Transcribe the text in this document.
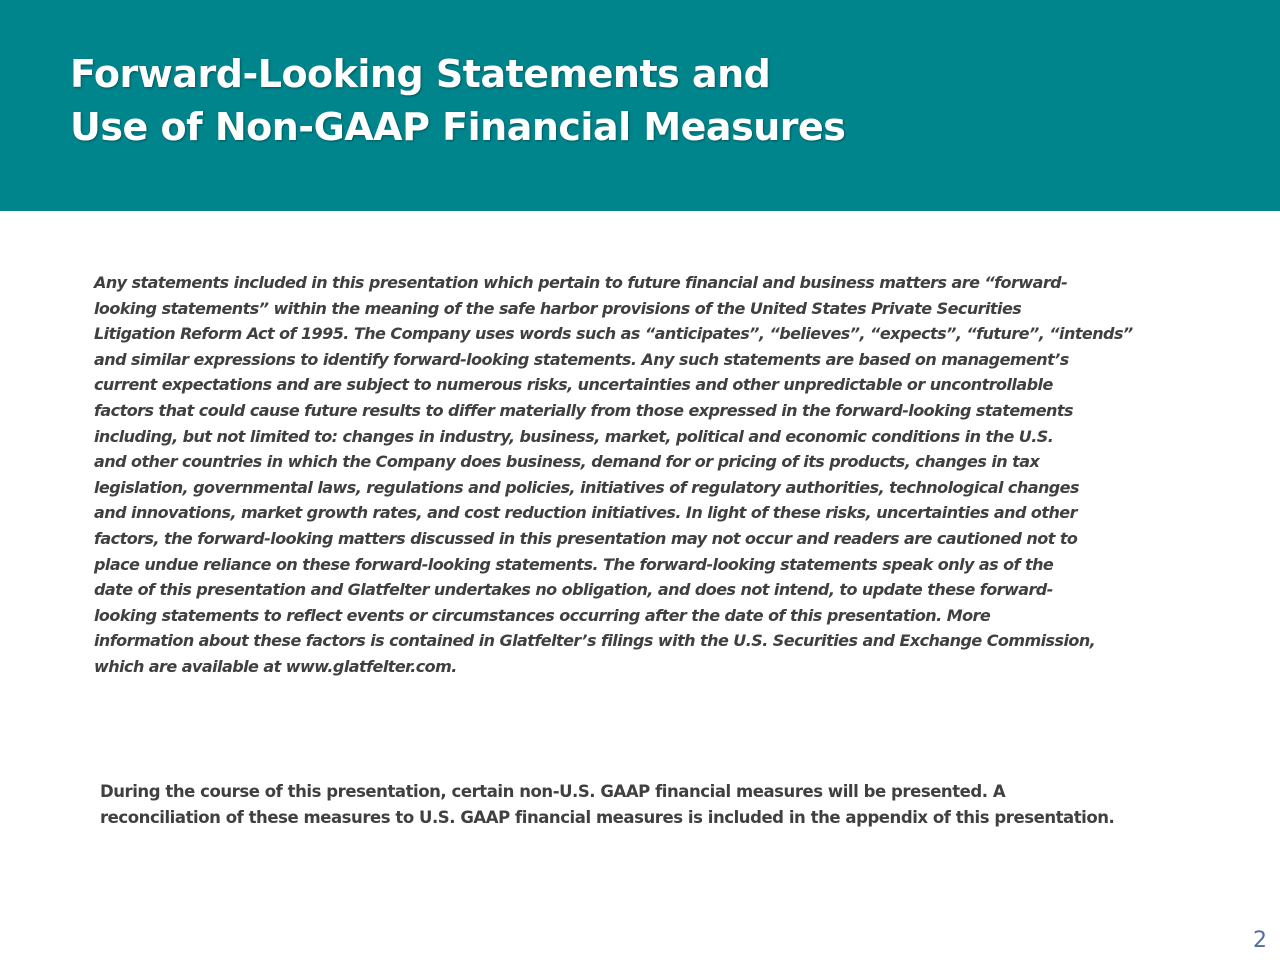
Forward-Looking Statements and
Use of Non-GAAP Financial Measures

Any statements included in this presentation which pertain to future financial and business matters are “forward-
looking statements” within the meaning of the safe harbor provisions of the United States Private Securities
Litigation Reform Act of 1995. The Company uses words such as “anticipates”, “believes”, “expects”, “future”, “intends”
and similar expressions to identify forward-looking statements. Any such statements are based on management’s
current expectations and are subject to numerous risks, uncertainties and other unpredictable or uncontrollable
factors that could cause future results to differ materially from those expressed in the forward-looking statements
including, but not limited to: changes in industry, business, market, political and economic conditions in the U.S.
and other countries in which the Company does business, demand for or pricing of its products, changes in tax
legislation, governmental laws, regulations and policies, initiatives of regulatory authorities, technological changes
and innovations, market growth rates, and cost reduction initiatives. In light of these risks, uncertainties and other
factors, the forward-looking matters discussed in this presentation may not occur and readers are cautioned not to
place undue reliance on these forward-looking statements. The forward-looking statements speak only as of the
date of this presentation and Glatfelter undertakes no obligation, and does not intend, to update these forward-
looking statements to reflect events or circumstances occurring after the date of this presentation. More
information about these factors is contained in Glatfelter’s filings with the U.S. Securities and Exchange Commission,
which are available at www.glatfelter.com.

During the course of this presentation, certain non-U.S. GAAP financial measures will be presented. A
reconciliation of these measures to U.S. GAAP financial measures is included in the appendix of this presentation.

2
